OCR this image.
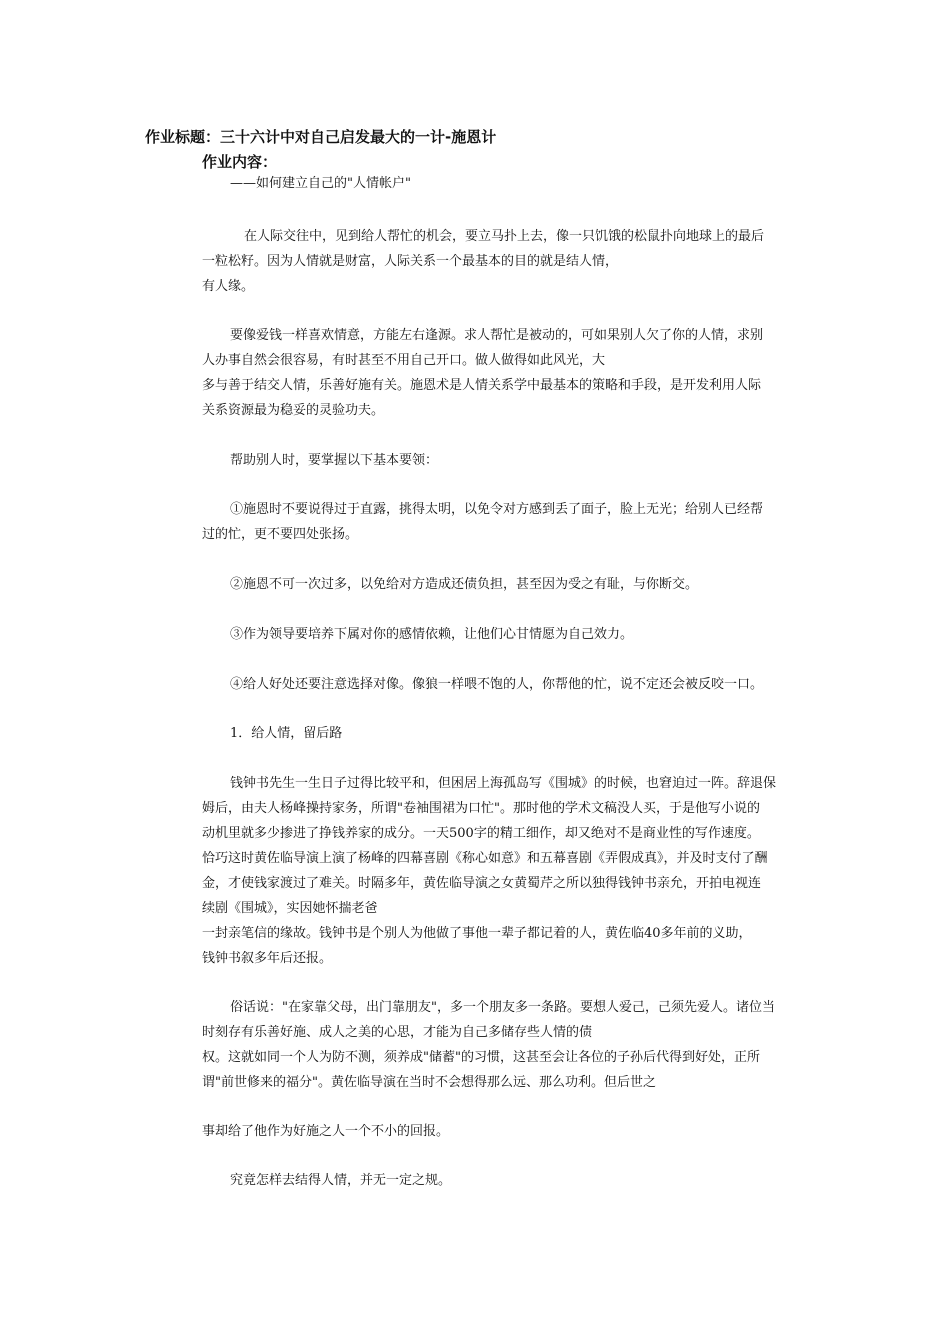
作业标题：三十六计中对自己启发最大的一计-施恩计
作业内容：
——如何建立自己的"人情帐户"
在人际交往中，见到给人帮忙的机会，要立马扑上去，像一只饥饿的松鼠扑向地球上的最后
一粒松籽。因为人情就是财富，人际关系一个最基本的目的就是结人情，
有人缘。
要像爱钱一样喜欢情意，方能左右逢源。求人帮忙是被动的，可如果别人欠了你的人情，求别
人办事自然会很容易，有时甚至不用自己开口。做人做得如此风光，大
多与善于结交人情，乐善好施有关。施恩术是人情关系学中最基本的策略和手段，是开发利用人际
关系资源最为稳妥的灵验功夫。
帮助别人时，要掌握以下基本要领：
①施恩时不要说得过于直露，挑得太明，以免令对方感到丢了面子，脸上无光；给别人已经帮
过的忙，更不要四处张扬。
②施恩不可一次过多，以免给对方造成还债负担，甚至因为受之有耻，与你断交。
③作为领导要培养下属对你的感情依赖，让他们心甘情愿为自己效力。
④给人好处还要注意选择对像。像狼一样喂不饱的人，你帮他的忙，说不定还会被反咬一口。
1．给人情，留后路
钱钟书先生一生日子过得比较平和，但困居上海孤岛写《围城》的时候，也窘迫过一阵。辞退保
姆后，由夫人杨峰操持家务，所谓"卷袖围裙为口忙"。那时他的学术文稿没人买，于是他写小说的
动机里就多少掺进了挣钱养家的成分。一天500字的精工细作，却又绝对不是商业性的写作速度。
恰巧这时黄佐临导演上演了杨峰的四幕喜剧《称心如意》和五幕喜剧《弄假成真》，并及时支付了酬
金，才使钱家渡过了难关。时隔多年，黄佐临导演之女黄蜀芹之所以独得钱钟书亲允，开拍电视连
续剧《围城》，实因她怀揣老爸
一封亲笔信的缘故。钱钟书是个别人为他做了事他一辈子都记着的人，黄佐临40多年前的义助，
钱钟书叙多年后还报。
俗话说："在家靠父母，出门靠朋友"，多一个朋友多一条路。要想人爱己，己须先爱人。诸位当
时刻存有乐善好施、成人之美的心思，才能为自己多储存些人情的债
权。这就如同一个人为防不测，须养成"储蓄"的习惯，这甚至会让各位的子孙后代得到好处，正所
谓"前世修来的福分"。黄佐临导演在当时不会想得那么远、那么功利。但后世之
事却给了他作为好施之人一个不小的回报。
究竟怎样去结得人情，并无一定之规。
